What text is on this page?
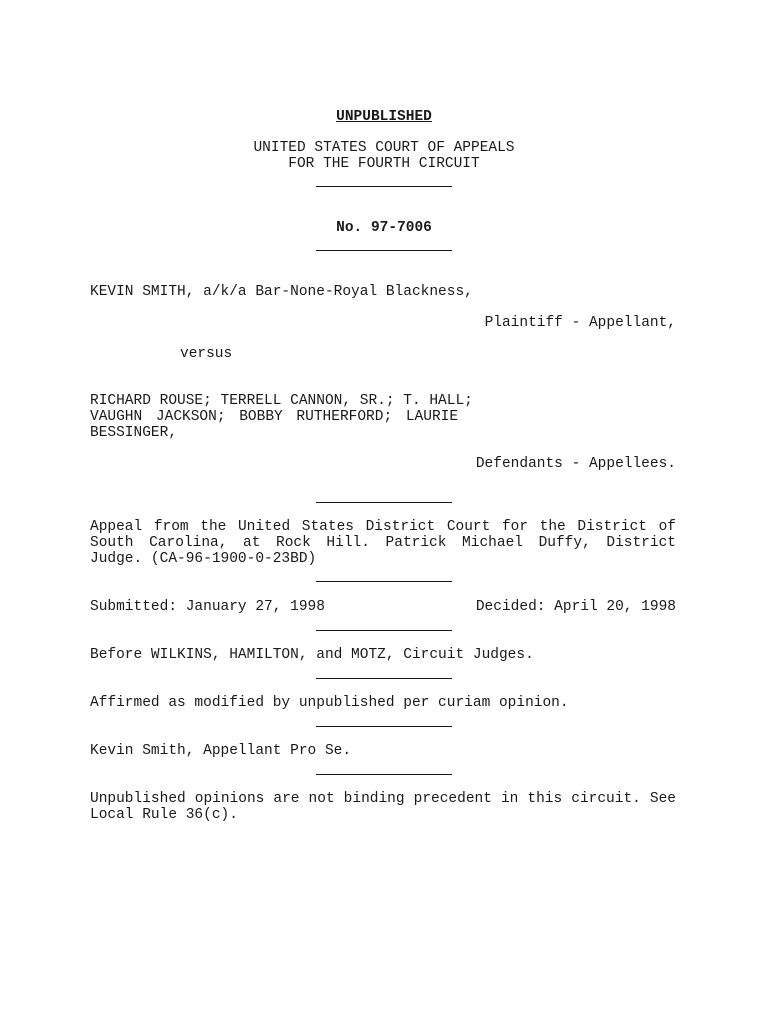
UNPUBLISHED
UNITED STATES COURT OF APPEALS
FOR THE FOURTH CIRCUIT
No. 97-7006
KEVIN SMITH, a/k/a Bar-None-Royal Blackness,
Plaintiff - Appellant,
versus
RICHARD ROUSE; TERRELL CANNON, SR.; T. HALL;
VAUGHN JACKSON; BOBBY RUTHERFORD; LAURIE
BESSINGER,
Defendants - Appellees.
Appeal from the United States District Court for the District of South Carolina, at Rock Hill. Patrick Michael Duffy, District Judge. (CA-96-1900-0-23BD)
Submitted: January 27, 1998	Decided: April 20, 1998
Before WILKINS, HAMILTON, and MOTZ, Circuit Judges.
Affirmed as modified by unpublished per curiam opinion.
Kevin Smith, Appellant Pro Se.
Unpublished opinions are not binding precedent in this circuit. See Local Rule 36(c).
